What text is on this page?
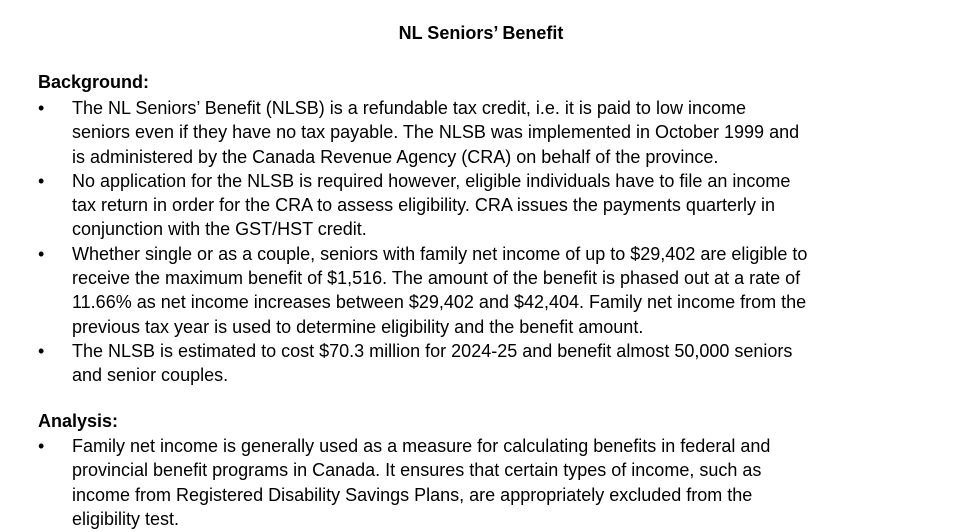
NL Seniors’ Benefit
Background:
•	The NL Seniors’ Benefit (NLSB) is a refundable tax credit, i.e. it is paid to low income
seniors even if they have no tax payable. The NLSB was implemented in October 1999 and
is administered by the Canada Revenue Agency (CRA) on behalf of the province.
•	No application for the NLSB is required however, eligible individuals have to file an income
tax return in order for the CRA to assess eligibility. CRA issues the payments quarterly in
conjunction with the GST/HST credit.
•	Whether single or as a couple, seniors with family net income of up to $29,402 are eligible to
receive the maximum benefit of $1,516. The amount of the benefit is phased out at a rate of
11.66% as net income increases between $29,402 and $42,404. Family net income from the
previous tax year is used to determine eligibility and the benefit amount.
•	The NLSB is estimated to cost $70.3 million for 2024-25 and benefit almost 50,000 seniors
and senior couples.
Analysis:
•	Family net income is generally used as a measure for calculating benefits in federal and
provincial benefit programs in Canada. It ensures that certain types of income, such as
income from Registered Disability Savings Plans, are appropriately excluded from the
eligibility test.
